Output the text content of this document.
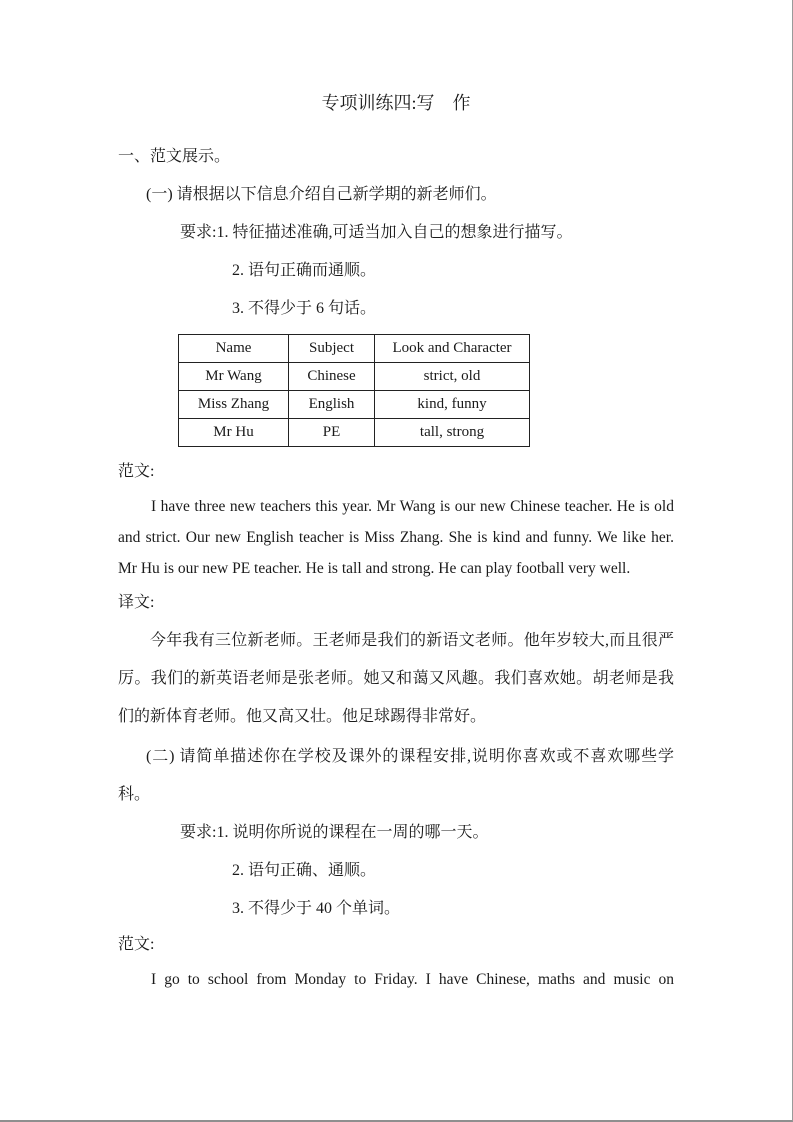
专项训练四:写　作
一、范文展示。
(一) 请根据以下信息介绍自己新学期的新老师们。
要求:1. 特征描述准确,可适当加入自己的想象进行描写。
2. 语句正确而通顺。
3. 不得少于 6 句话。
Name	Subject	Look and Character
Mr Wang	Chinese	strict, old
Miss Zhang	English	kind, funny
Mr Hu	PE	tall, strong
范文:

I have three new teachers this year. Mr Wang is our new Chinese teacher. He is old and strict. Our new English teacher is Miss Zhang. She is kind and funny. We like her. Mr Hu is our new PE teacher. He is tall and strong. He can play football very well.

译文:

今年我有三位新老师。王老师是我们的新语文老师。他年岁较大,而且很严厉。我们的新英语老师是张老师。她又和蔼又风趣。我们喜欢她。胡老师是我们的新体育老师。他又高又壮。他足球踢得非常好。

(二) 请简单描述你在学校及课外的课程安排,说明你喜欢或不喜欢哪些学科。
要求:1. 说明你所说的课程在一周的哪一天。
2. 语句正确、通顺。
3. 不得少于 40 个单词。
范文:

I go to school from Monday to Friday. I have Chinese, maths and music on
